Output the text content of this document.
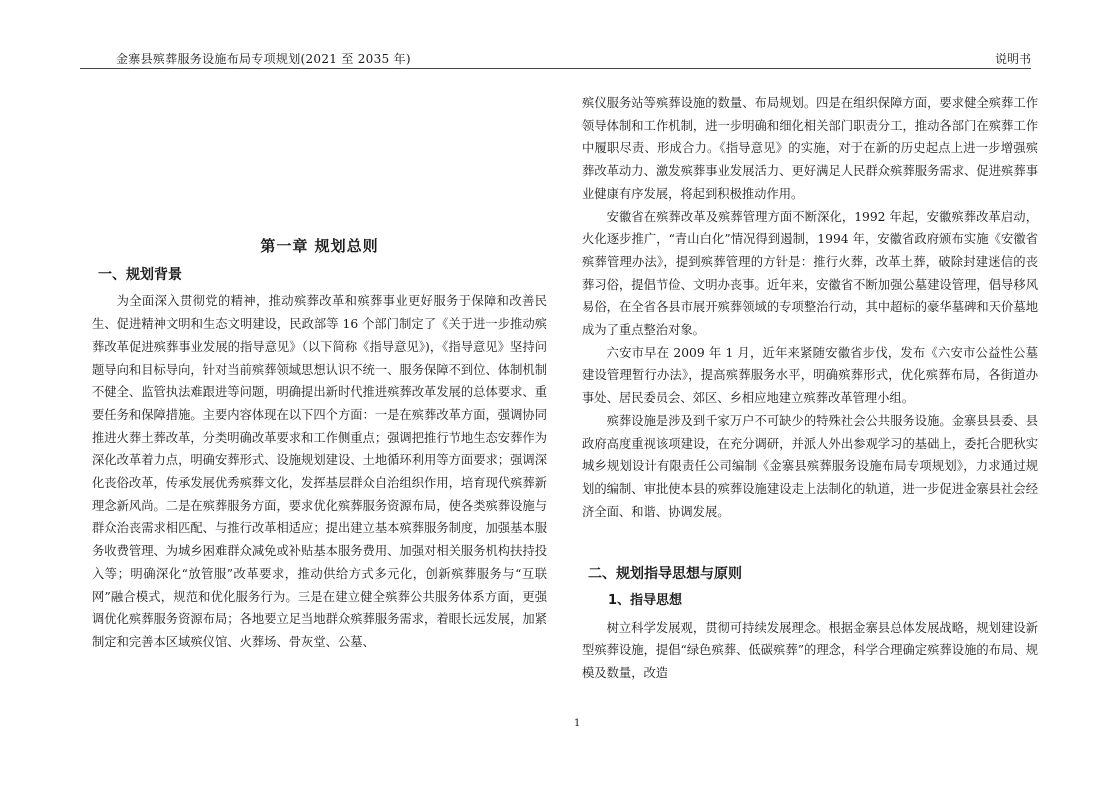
金寨县殡葬服务设施布局专项规划(2021 至 2035 年)	说明书
第一章 规划总则
一、规划背景

为全面深入贯彻党的精神，推动殡葬改革和殡葬事业更好服务于保障和改善民生、促进精神文明和生态文明建设，民政部等 16 个部门制定了《关于进一步推动殡葬改革促进殡葬事业发展的指导意见》（以下简称《指导意见》)，《指导意见》坚持问题导向和目标导向，针对当前殡葬领域思想认识不统一、服务保障不到位、体制机制不健全、监管执法难跟进等问题，明确提出新时代推进殡葬改革发展的总体要求、重要任务和保障措施。主要内容体现在以下四个方面：一是在殡葬改革方面，强调协同推进火葬土葬改革，分类明确改革要求和工作侧重点；强调把推行节地生态安葬作为深化改革着力点，明确安葬形式、设施规划建设、土地循环利用等方面要求；强调深化丧俗改革，传承发展优秀殡葬文化，发挥基层群众自治组织作用，培育现代殡葬新理念新风尚。二是在殡葬服务方面，要求优化殡葬服务资源布局，使各类殡葬设施与群众治丧需求相匹配、与推行改革相适应；提出建立基本殡葬服务制度，加强基本服务收费管理、为城乡困难群众减免或补贴基本服务费用、加强对相关服务机构扶持投入等；明确深化“放管服”改革要求，推动供给方式多元化，创新殡葬服务与“互联网”融合模式，规范和优化服务行为。三是在建立健全殡葬公共服务体系方面，更强调优化殡葬服务资源布局；各地要立足当地群众殡葬服务需求，着眼长远发展，加紧制定和完善本区域殡仪馆、火葬场、骨灰堂、公墓、

殡仪服务站等殡葬设施的数量、布局规划。四是在组织保障方面，要求健全殡葬工作领导体制和工作机制，进一步明确和细化相关部门职责分工，推动各部门在殡葬工作中履职尽责、形成合力。《指导意见》的实施，对于在新的历史起点上进一步增强殡葬改革动力、激发殡葬事业发展活力、更好满足人民群众殡葬服务需求、促进殡葬事业健康有序发展，将起到积极推动作用。

安徽省在殡葬改革及殡葬管理方面不断深化，1992 年起，安徽殡葬改革启动，火化逐步推广，“青山白化”情况得到遏制，1994 年，安徽省政府颁布实施《安徽省殡葬管理办法》，提到殡葬管理的方针是：推行火葬，改革土葬，破除封建迷信的丧葬习俗，提倡节俭、文明办丧事。近年来，安徽省不断加强公墓建设管理，倡导移风易俗，在全省各县市展开殡葬领域的专项整治行动，其中超标的豪华墓碑和天价墓地成为了重点整治对象。

六安市早在 2009 年 1 月，近年来紧随安徽省步伐，发布《六安市公益性公墓建设管理暂行办法》，提高殡葬服务水平，明确殡葬形式，优化殡葬布局，各街道办事处、居民委员会、郊区、乡相应地建立殡葬改革管理小组。

殡葬设施是涉及到千家万户不可缺少的特殊社会公共服务设施。金寨县县委、县政府高度重视该项建设，在充分调研，并派人外出参观学习的基础上，委托合肥秋实城乡规划设计有限责任公司编制《金寨县殡葬服务设施布局专项规划》，力求通过规划的编制、审批使本县的殡葬设施建设走上法制化的轨道，进一步促进金寨县社会经济全面、和谐、协调发展。

二、规划指导思想与原则
1、指导思想

树立科学发展观，贯彻可持续发展理念。根据金寨县总体发展战略，规划建设新型殡葬设施，提倡“绿色殡葬、低碳殡葬”的理念，科学合理确定殡葬设施的布局、规模及数量，改造

1
